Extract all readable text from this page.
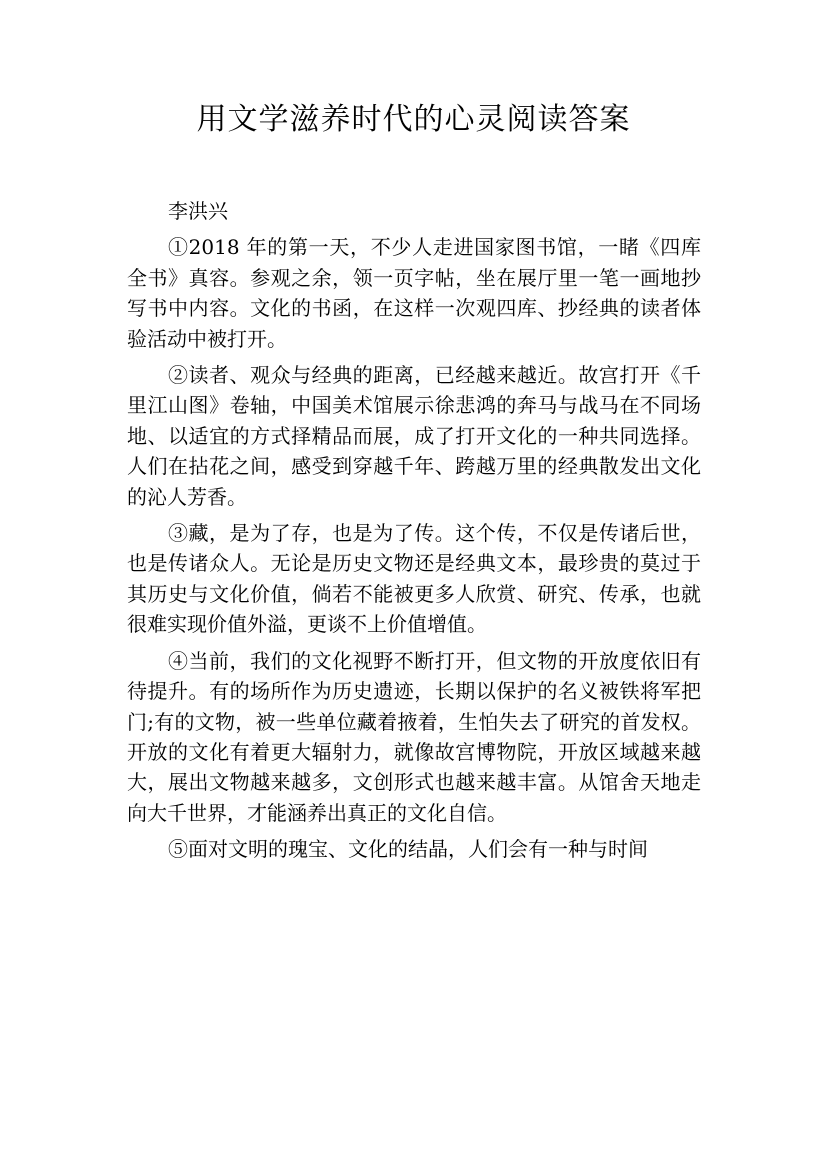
用文学滋养时代的心灵阅读答案

李洪兴

①2018 年的第一天，不少人走进国家图书馆，一睹《四库全书》真容。参观之余，领一页字帖，坐在展厅里一笔一画地抄写书中内容。文化的书函，在这样一次观四库、抄经典的读者体验活动中被打开。

②读者、观众与经典的距离，已经越来越近。故宫打开《千里江山图》卷轴，中国美术馆展示徐悲鸿的奔马与战马在不同场地、以适宜的方式择精品而展，成了打开文化的一种共同选择。人们在拈花之间，感受到穿越千年、跨越万里的经典散发出文化的沁人芳香。

③藏，是为了存，也是为了传。这个传，不仅是传诸后世，也是传诸众人。无论是历史文物还是经典文本，最珍贵的莫过于其历史与文化价值，倘若不能被更多人欣赏、研究、传承，也就很难实现价值外溢，更谈不上价值增值。

④当前，我们的文化视野不断打开，但文物的开放度依旧有待提升。有的场所作为历史遗迹，长期以保护的名义被铁将军把门;有的文物，被一些单位藏着掖着，生怕失去了研究的首发权。开放的文化有着更大辐射力，就像故宫博物院，开放区域越来越大，展出文物越来越多，文创形式也越来越丰富。从馆舍天地走向大千世界，才能涵养出真正的文化自信。

⑤面对文明的瑰宝、文化的结晶，人们会有一种与时间
